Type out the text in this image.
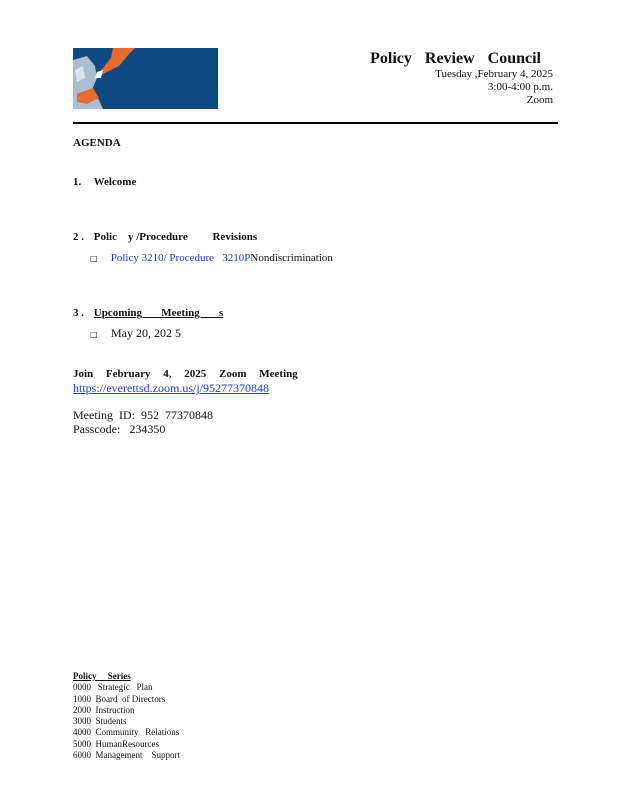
Policy Review Council
Tuesday ,February 4, 2025
3:00-4:00 p.m.
Zoom
AGENDA
1. Welcome
2 . Polic    y /Procedure         Revisions
□ Policy 3210/ Procedure   3210PNondiscrimination
3 . Upcoming       Meeting       s
□ May 20, 202 5
Join February 4, 2025 Zoom Meeting
https://everettsd.zoom.us/j/95277370848
Meeting  ID:  952  77370848
Passcode:   234350
Policy     Series
0000   Strategic   Plan
1000  Board  of Directors
2000  Instruction
3000  Students
4000  Community   Relations
5000  HumanResources
6000  Management    Support
